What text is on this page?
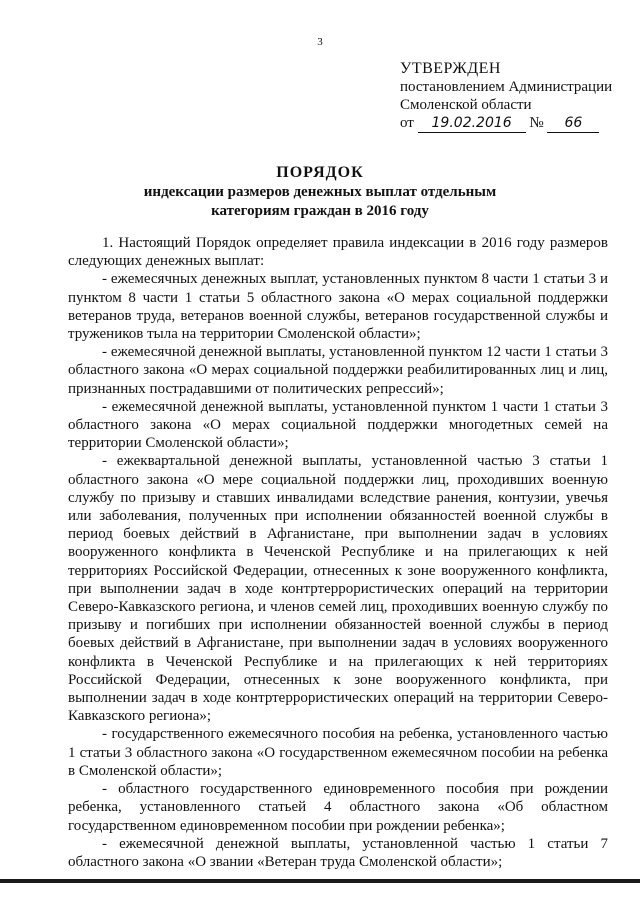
3
УТВЕРЖДЕН
постановлением Администрации
Смоленской области
от 19.02.2016 № 66
ПОРЯДОК
индексации размеров денежных выплат отдельным
категориям граждан в 2016 году

1. Настоящий Порядок определяет правила индексации в 2016 году размеров следующих денежных выплат:

- ежемесячных денежных выплат, установленных пунктом 8 части 1 статьи 3 и пунктом 8 части 1 статьи 5 областного закона «О мерах социальной поддержки ветеранов труда, ветеранов военной службы, ветеранов государственной службы и тружеников тыла на территории Смоленской области»;

- ежемесячной денежной выплаты, установленной пунктом 12 части 1 статьи 3 областного закона «О мерах социальной поддержки реабилитированных лиц и лиц, признанных пострадавшими от политических репрессий»;

- ежемесячной денежной выплаты, установленной пунктом 1 части 1 статьи 3 областного закона «О мерах социальной поддержки многодетных семей на территории Смоленской области»;

- ежеквартальной денежной выплаты, установленной частью 3 статьи 1 областного закона «О мере социальной поддержки лиц, проходивших военную службу по призыву и ставших инвалидами вследствие ранения, контузии, увечья или заболевания, полученных при исполнении обязанностей военной службы в период боевых действий в Афганистане, при выполнении задач в условиях вооруженного конфликта в Чеченской Республике и на прилегающих к ней территориях Российской Федерации, отнесенных к зоне вооруженного конфликта, при выполнении задач в ходе контртеррористических операций на территории Северо-Кавказского региона, и членов семей лиц, проходивших военную службу по призыву и погибших при исполнении обязанностей военной службы в период боевых действий в Афганистане, при выполнении задач в условиях вооруженного конфликта в Чеченской Республике и на прилегающих к ней территориях Российской Федерации, отнесенных к зоне вооруженного конфликта, при выполнении задач в ходе контртеррористических операций на территории Северо-Кавказского региона»;

- государственного ежемесячного пособия на ребенка, установленного частью 1 статьи 3 областного закона «О государственном ежемесячном пособии на ребенка в Смоленской области»;

- областного государственного единовременного пособия при рождении ребенка, установленного статьей 4 областного закона «Об областном государственном единовременном пособии при рождении ребенка»;

- ежемесячной денежной выплаты, установленной частью 1 статьи 7 областного закона «О звании «Ветеран труда Смоленской области»;
